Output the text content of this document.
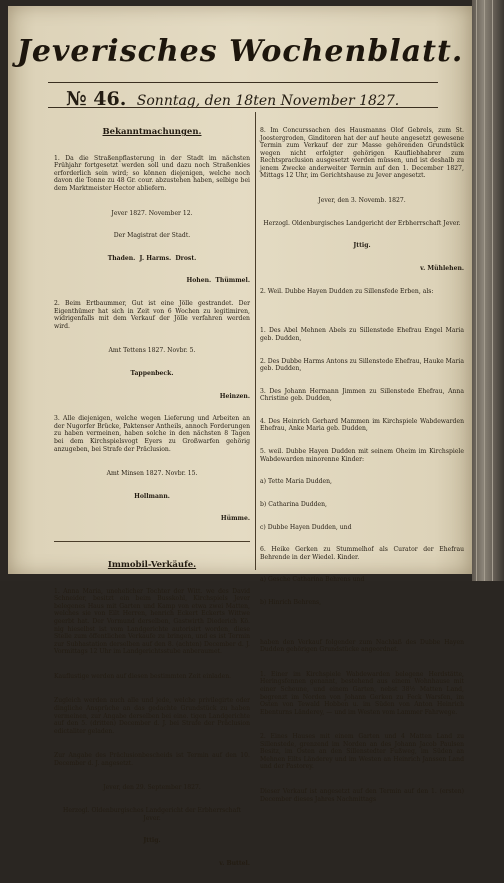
Jeverisches Wochenblatt.
№ 46. Sonntag, den 18ten November 1827.

Bekanntmachungen.

1. Da die Straßenpflasterung in der Stadt im nächsten Frühjahr fortgesetzt werden soll und dazu noch Straßenkies erforderlich sein wird; so können diejenigen, welche noch davon die Tonne zu 48 Gr. cour. abzustehen haben, selbige bei dem Marktmeister Hector abliefern.

Jever 1827. November 12.

Der Magistrat der Stadt.

Thaden.  J. Harms.  Drost.

Hohen.  Thümmel.

2. Beim Ertbaummer, Gut ist eine Jölle gestrandet. Der Eigenthümer hat sich in Zeit von 6 Wochen zu legitimiren, widrigenfalls mit dem Verkauf der Jölle verfahren werden wird.

Amt Tettens 1827. Novbr. 5.

Tappenbeck.

Heinzen.

3. Alle diejenigen, welche wegen Lieferung und Arbeiten an der Nugorfer Brücke, Paktenser Antheils, annoch Forderungen zu haben vermeinen, haben solche in den nächsten 8 Tagen bei dem Kirchspielsvogt Eyers zu Großwarfen gehörig anzugeben, bei Strafe der Präclusion.

Amt Minsen 1827. Novbr. 15.

Hollmann.

Hümme.

Immobil-Verkäufe.

1. Anna Maria, unehelicher Tochter der Witt. we des David Schneider, besitzt ein beim Busskohl, Kirchspiels Jever belegenes Haus mit Garten und Kamp von etwa zwei Matten, welches sie von Eilt Herren, henrich Eckert Eckerts Wittwe geerbt hat. Der Vormund derselben, Gastwirth Diederich Kö. nig hieselbst ist vom Landgerichte autorisirt worden, diese Stelle zum öffentlichen Verkaufe zu bringen, und es ist Termin zur Subhastation derselben auf den 8. (achten) December d. J. Vormittags 12 Uhr im Landgerichtsstube anberaumet.

Kauflustige werden auf diesen bestimmten Zeit einladen.

Zugleich werden auch alle und jede, welche privilegirte oder dingliche Ansprüche an das gedachte Grundstück zu haben vermeinen, zur Angabe derselben bei eine. tigen Landgerichte auf den 5. (dritten) December d. J. bei Strafe der Präclusion edictaliter geladen.

Zur Angabe des Präclusionbescheids ist Termin auf den 10. December d. J. angesetzt.

Jever, den 29. September 1827.

Herzogl. Oldenburgisches Landgericht der Erbherrschaft Jever.

Jttig.

v. Buttel.

8. Im Concurssachen des Hausmanns Olof Gebrels, zum St. Joostergroden, Ginditoren hat der auf heute angesetzt gewesene Termin zum Verkauf der zur Masse gehörenden Grundstück wegen nicht erfolgter gehörigen Kaufliebhabrer zum Rechtspraclusion ausgesetzt werden müssen, und ist deshalb zu jenem Zwecke anderweiter Termin auf den 1. December 1827, Mittags 12 Uhr, im Gerichtshause zu Jever angesetzt.

Jever, den 3. Novemb. 1827.

Herzogl. Oldenburgisches Landgericht der Erbherrschaft Jever.

Jttig.

v. Mühlehen.

2. Weil. Dubbe Hayen Dudden zu Sillensfede Erben, als:

1. Des Abel Mehnen Abels zu Sillenstede Ehefrau Engel Maria geb. Dudden,

2. Des Dubbe Harms Antons zu Sillenstede Ehefrau, Hauke Maria geb. Dudden,

3. Des Johann Hermann Jimmen zu Sillenstede Ehefrau, Anna Christine geb. Dudden,

4. Des Heinrich Gerhard Mammen im Kirchspiele Wabdewarden Ehefrau, Anke Maria geb. Dudden,

5. weil. Dubbe Hayen Dudden mit seinem Oheim im Kirchspiele Wabdewarden minorenne Kinder:

a) Tette Maria Dudden,

b) Catharina Dudden,

c) Dubbe Hayen Dudden, und

6. Heike Gerken zu Stummelhof als Curator der Ehefrau Behrende in der Wiedel. Kinder.

a) Gesche Catharina Behrens und

b) Hinrich Behrens,

haben den Verkauf folgender zum Nachlaß des Dubbe Hayen Dudden gehörigen Grundstücke angeordnet.

1. Einer im Kirchspiele Wabdewarden belegene Herdstätte, Heringsfennen genannt, bestehend aus einem Wohnhause mit einer Scheune, und einem Garten, nebst 38½ Matten Land, begrenzt im Norden von Johann Gerken zu Feck Warsfen, im Osten von Tewald Hobben u. im Süden von Anton Heinrich Ebenturns Länderey, — und im Westen vom Lammer Fahrwege.

2. Eines Hauses mit einem Garten und 4 Matten Land zu Sillenstede, grenzend im Norden an des Johann Jacob Paulsen Besitz, im Osten an den Sillenstedter Fußweg, im Süden an Mehnen Eilts Länderey und im Westen an Heinrich Janssen Land und der Pastorey.

Dieser Verkauf ist angesetzt auf den Termin auf den 1. (ersten) December dieses Jahres Nachmittags
